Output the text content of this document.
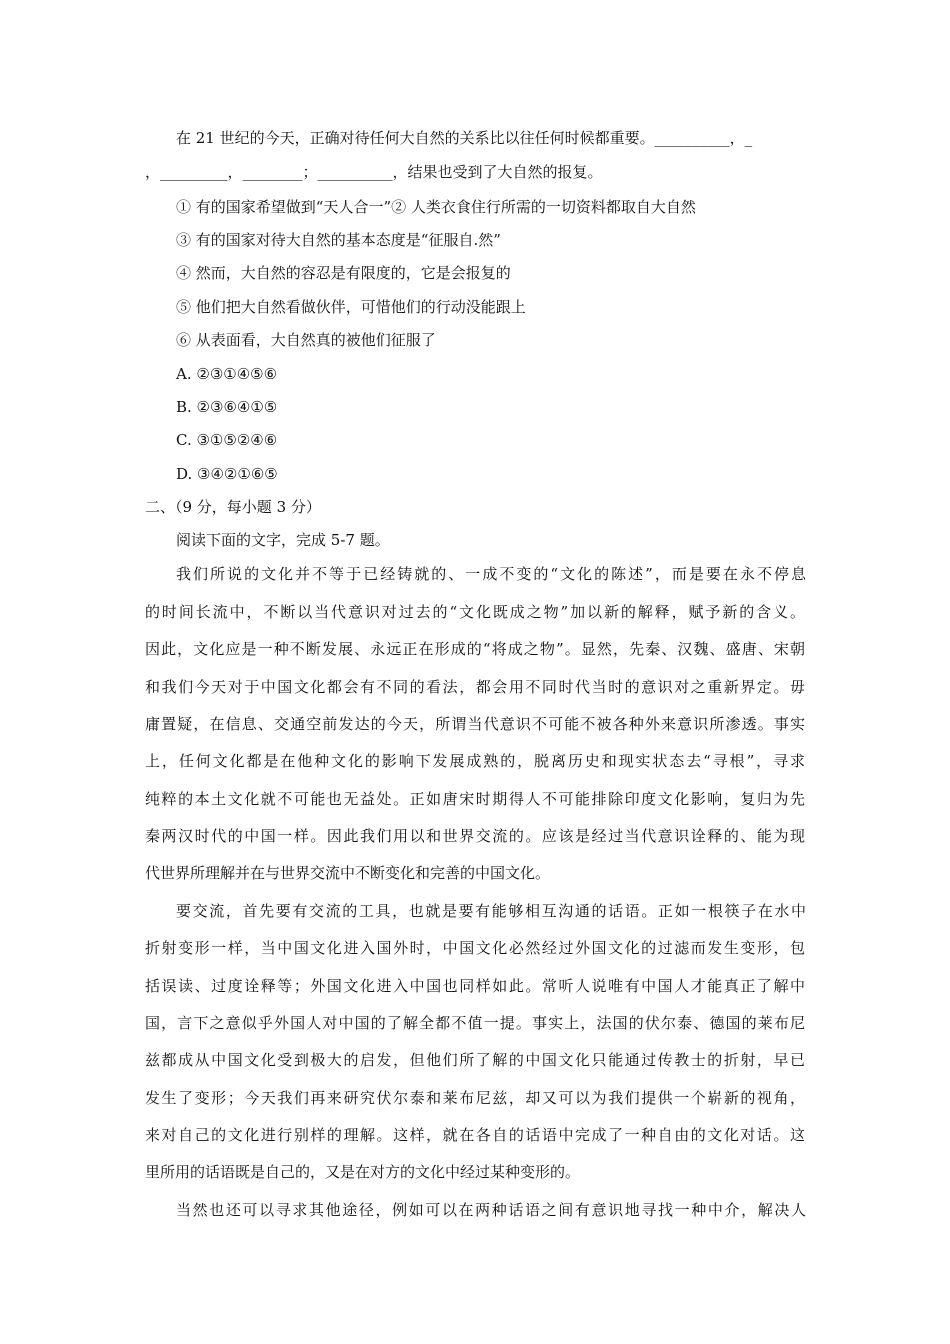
在 21 世纪的今天，正确对待任何大自然的关系比以往任何时候都重要。__________，_
，_________，________；__________，结果也受到了大自然的报复。
① 有的国家希望做到“天人合一”② 人类衣食住行所需的一切资料都取自大自然
③ 有的国家对待大自然的基本态度是“征服自.然”
④ 然而，大自然的容忍是有限度的，它是会报复的
⑤ 他们把大自然看做伙伴，可惜他们的行动没能跟上
⑥ 从表面看，大自然真的被他们征服了
A. ②③①④⑤⑥
B. ②③⑥④①⑤
C. ③①⑤②④⑥
D. ③④②①⑥⑤
二、（9 分，每小题 3 分）
阅读下面的文字，完成 5-7 题。
我们所说的文化并不等于已经铸就的、一成不变的“文化的陈述”，而是要在永不停息
的时间长流中，不断以当代意识对过去的“文化既成之物”加以新的解释，赋予新的含义。
因此，文化应是一种不断发展、永远正在形成的“将成之物”。显然，先秦、汉魏、盛唐、宋朝
和我们今天对于中国文化都会有不同的看法，都会用不同时代当时的意识对之重新界定。毋
庸置疑，在信息、交通空前发达的今天，所谓当代意识不可能不被各种外来意识所渗透。事实
上，任何文化都是在他种文化的影响下发展成熟的，脱离历史和现实状态去“寻根”，寻求
纯粹的本土文化就不可能也无益处。正如唐宋时期得人不可能排除印度文化影响，复归为先
秦两汉时代的中国一样。因此我们用以和世界交流的。应该是经过当代意识诠释的、能为现
代世界所理解并在与世界交流中不断变化和完善的中国文化。
要交流，首先要有交流的工具，也就是要有能够相互沟通的话语。正如一根筷子在水中
折射变形一样，当中国文化进入国外时，中国文化必然经过外国文化的过滤而发生变形，包
括误读、过度诠释等；外国文化进入中国也同样如此。常听人说唯有中国人才能真正了解中
国，言下之意似乎外国人对中国的了解全都不值一提。事实上，法国的伏尔泰、德国的莱布尼
兹都成从中国文化受到极大的启发，但他们所了解的中国文化只能通过传教士的折射，早已
发生了变形；今天我们再来研究伏尔泰和莱布尼兹，却又可以为我们提供一个崭新的视角，
来对自己的文化进行别样的理解。这样，就在各自的话语中完成了一种自由的文化对话。这
里所用的话语既是自己的，又是在对方的文化中经过某种变形的。
当然也还可以寻求其他途径，例如可以在两种话语之间有意识地寻找一种中介，解决人
